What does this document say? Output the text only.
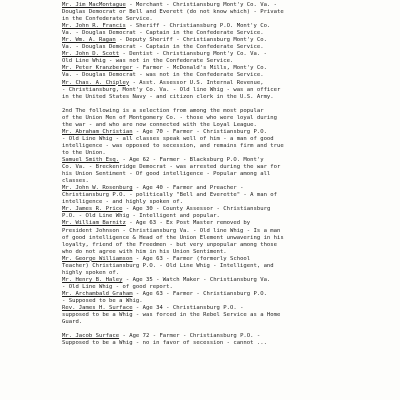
Mr. Jim MacMontague - Merchant - Christiansburg Mont'y Co. Va. -
Douglas Democrat or Bell and Everett (do not know which) - Private
in the Confederate Service.
Mr. John R. Francis - Sheriff - Christiansburg P.O. Mont'y Co.
Va. - Douglas Democrat - Captain in the Confederate Service.
Mr. Wm. A. Ragan - Deputy Sheriff - Christiansburg Mont'y Co.
Va. - Douglas Democrat - Captain in the Confederate Service.
Mr. John D. Scott - Dentist - Christiansburg Mont'y Co. Va. -
Old Line Whig - was not in the Confederate Service.
Mr. Peter Kranzberger - Farmer - McDonald's Mills, Mont'y Co.
Va. - Douglas Democrat - was not in the Confederate Service.
Mr. Chas. A. Chipley - Asst. Assessor U.S. Internal Revenue,
- Christiansburg, Mont'y Co. Va. - Old line Whig - was an officer
in the United States Navy - and citizen clerk in the U.S. Army.
2nd The following is a selection from among the most popular
of the Union Men of Montgomery Co. - those who were loyal during
the war - and who are now connected with the Loyal League.
Mr. Abraham Christian - Age 70 - Farmer - Christiansburg P.O.
- Old Line Whig - all classes speak well of him - a man of good
intelligence - was opposed to secession, and remains firm and true
to the Union.
Samuel Smith Esq. - Age 62 - Farmer - Blacksburg P.O. Mont'y
Co. Va. - Breckenridge Democrat - was arrested during the war for
his Union Sentiment - Of good intelligence - Popular among all
classes.
Mr. John W. Rosenburg - Age 40 - Farmer and Preacher -
Christiansburg P.O. - politically "Bell and Everette" - A man of
intelligence - and highly spoken of.
Mr. James R. Price - Age 30 - County Assessor - Christiansburg
P.O. - Old Line Whig - Intelligent and popular.
Mr. William Barnitz - Age 63 - Ex Post Master removed by
President Johnson - Christiansburg Va. - Old line Whig - Is a man
of good intelligence & Head of the Union Element unwavering in his
loyalty, friend of the Freedmen - but very unpopular among those
who do not agree with him in his Union Sentiment.
Mr. George Williamson - Age 63 - Farmer (formerly School
Teacher) Christiansburg P.O. - Old Line Whig - Intelligent, and
highly spoken of.
Mr. Henry B. Haley - Age 35 - Watch Maker - Christiansburg Va.
- Old Line Whig - of good report.
Mr. Archambald Graham - Age 63 - Farmer - Christiansburg P.O.
- Supposed to be a Whig.
Rev. James H. Surface - Age 34 - Christiansburg P.O. -
supposed to be a Whig - was forced in the Rebel Service as a Home
Guard.
Mr. Jacob Surface - Age 72 - Farmer - Christiansburg P.O. -
Supposed to be a Whig - no in favor of secession - cannot ...
